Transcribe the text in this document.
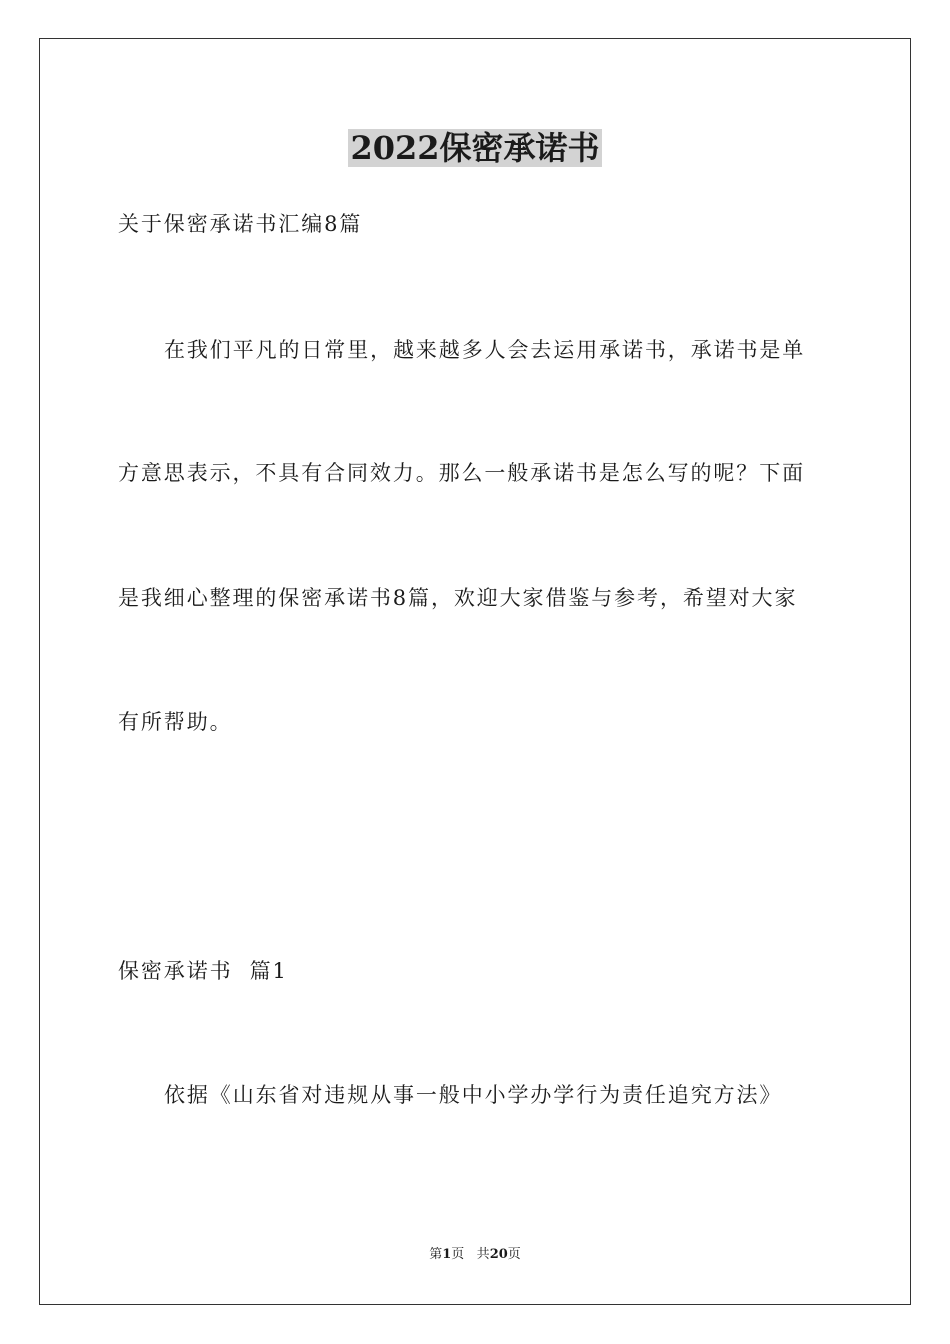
2022保密承诺书
关于保密承诺书汇编8篇
在我们平凡的日常里，越来越多人会去运用承诺书，承诺书是单
方意思表示，不具有合同效力。那么一般承诺书是怎么写的呢？下面
是我细心整理的保密承诺书8篇，欢迎大家借鉴与参考，希望对大家
有所帮助。
保密承诺书  篇1
依据《山东省对违规从事一般中小学办学行为责任追究方法》
第1页 共20页
